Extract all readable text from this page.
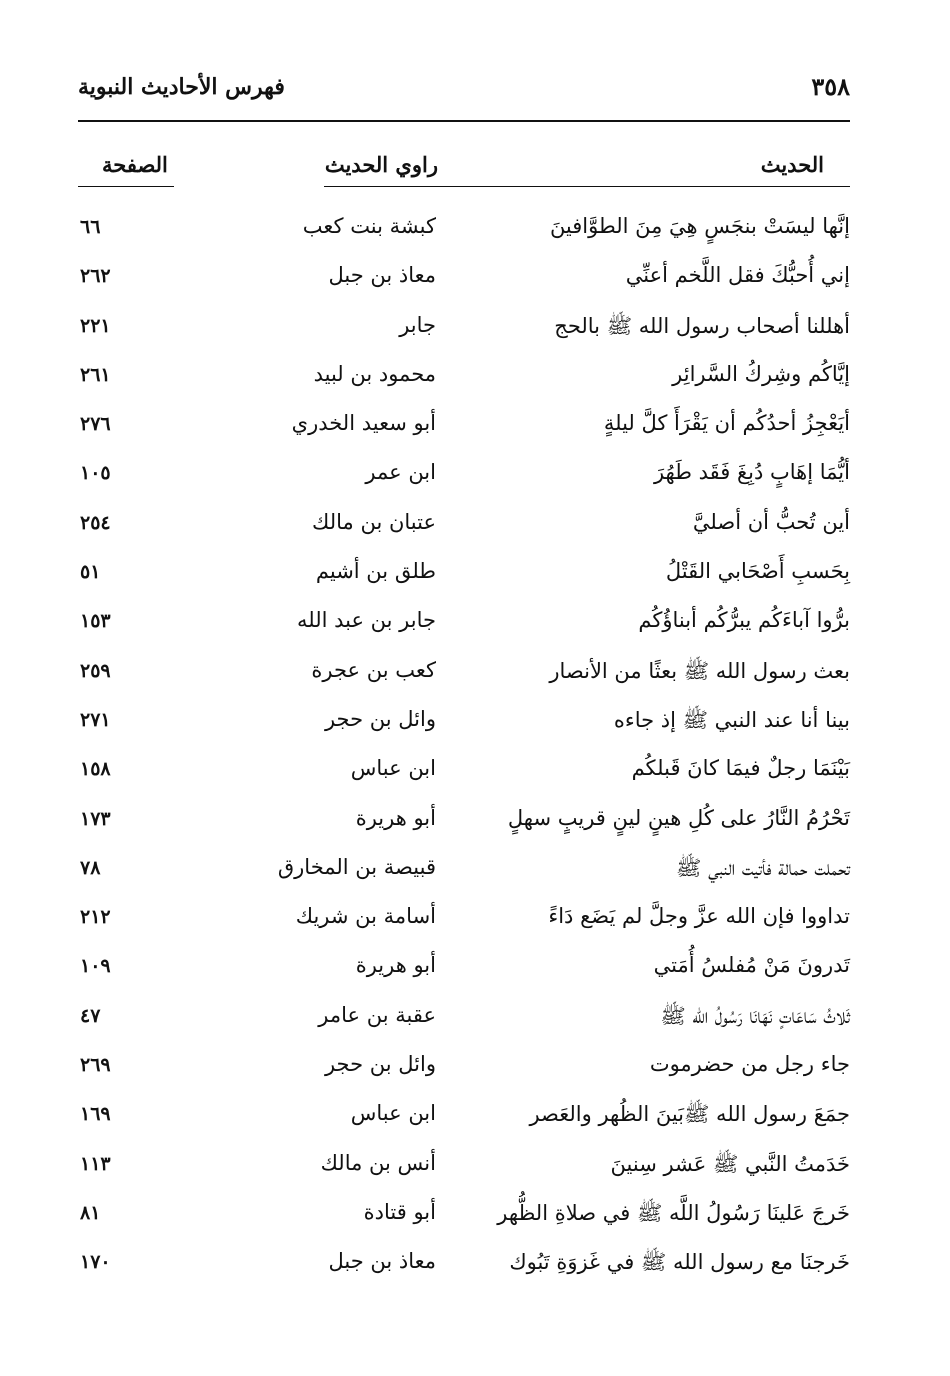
٣٥٨
فهرس الأحاديث النبوية
الحديث
راوي الحديث
الصفحة
إنَّها ليسَتْ بنجَسٍ هِيَ مِنَ الطوَّافينَ
كبشة بنت كعب
٦٦
إني أُحبُّكَ فقل اللَّخم أعنِّي
معاذ بن جبل
٢٦٢
أهللنا أصحاب رسول الله ﷺ بالحج
جابر
٢٢١
إيَّاكُم وشِركُ السَّرائِر
محمود بن لبيد
٢٦١
أيَعْجِزُ أحدُكُم أن يَقْرَأَ كلَّ ليلةٍ
أبو سعيد الخدري
٢٧٦
أيُّمَا إهَابٍ دُبِغَ فَقَد طَهُرَ
ابن عمر
١٠٥
أين تُحبُّ أن أصليَّ
عتبان بن مالك
٢٥٤
بِحَسبِ أَصْحَابي القَتْلُ
طلق بن أشيم
٥١
برُّوا آباءَكُم يبرُّكُم أبناؤُكُم
جابر بن عبد الله
١٥٣
بعث رسول الله ﷺ بعثًا من الأنصار
كعب بن عجرة
٢٥٩
بينا أنا عند النبي ﷺ إذ جاءه
وائل بن حجر
٢٧١
بَيْنَمَا رجلٌ فيمَا كانَ قَبلكُم
ابن عباس
١٥٨
تَحْرُمُ النَّارُ على كُلِ هينٍ لينٍ قريبٍ سهلٍ
أبو هريرة
١٧٣
تحملت حمالة فأتيت النبي ﷺ
قبيصة بن المخارق
٧٨
تداووا فإن الله عزَّ وجلَّ لم يَضَع دَاءً
أسامة بن شريك
٢١٢
تَدرونَ مَنْ مُفلسُ أُمَتي
أبو هريرة
١٠٩
ثَلاثُ سَاعَاتٍ نَهَانَا رَسُولُ الله ﷺ
عقبة بن عامر
٤٧
جاء رجل من حضرموت
وائل بن حجر
٢٦٩
جمَعَ رسول الله ﷺبَينَ الظُهر والعَصر
ابن عباس
١٦٩
خَدَمتُ النَّبي ﷺ عَشر سِنينَ
أنس بن مالك
١١٣
خَرجَ عَلينَا رَسُولُ اللَّه ﷺ في صلاةِ الظُّهر
أبو قتادة
٨١
خَرجنَا مع رسول الله ﷺ في غَزوَةِ تَبُوك
معاذ بن جبل
١٧٠
